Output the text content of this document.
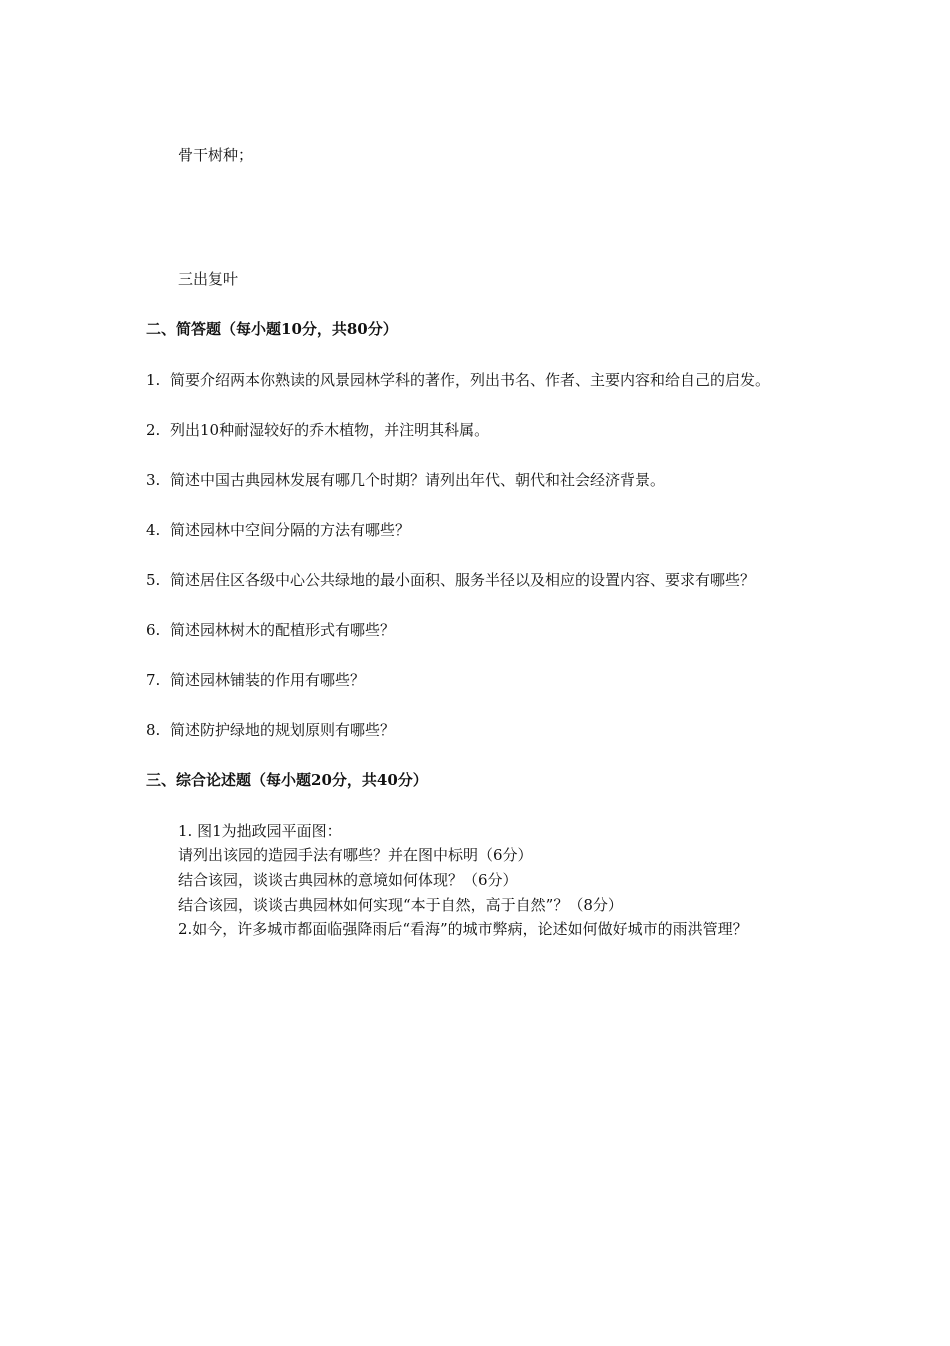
骨干树种；
三出复叶
二、简答题（每小题10分，共80分）
1. 简要介绍两本你熟读的风景园林学科的著作，列出书名、作者、主要内容和给自己的启发。
2. 列出10种耐湿较好的乔木植物，并注明其科属。
3. 简述中国古典园林发展有哪几个时期？请列出年代、朝代和社会经济背景。
4. 简述园林中空间分隔的方法有哪些？
5. 简述居住区各级中心公共绿地的最小面积、服务半径以及相应的设置内容、要求有哪些？
6. 简述园林树木的配植形式有哪些？
7. 简述园林铺装的作用有哪些？
8. 简述防护绿地的规划原则有哪些？
三、综合论述题（每小题20分，共40分）
1. 图1为拙政园平面图：
请列出该园的造园手法有哪些？并在图中标明（6分）
结合该园，谈谈古典园林的意境如何体现？（6分）
结合该园，谈谈古典园林如何实现“本于自然，高于自然”？（8分）
2.如今，许多城市都面临强降雨后“看海”的城市弊病，论述如何做好城市的雨洪管理？
